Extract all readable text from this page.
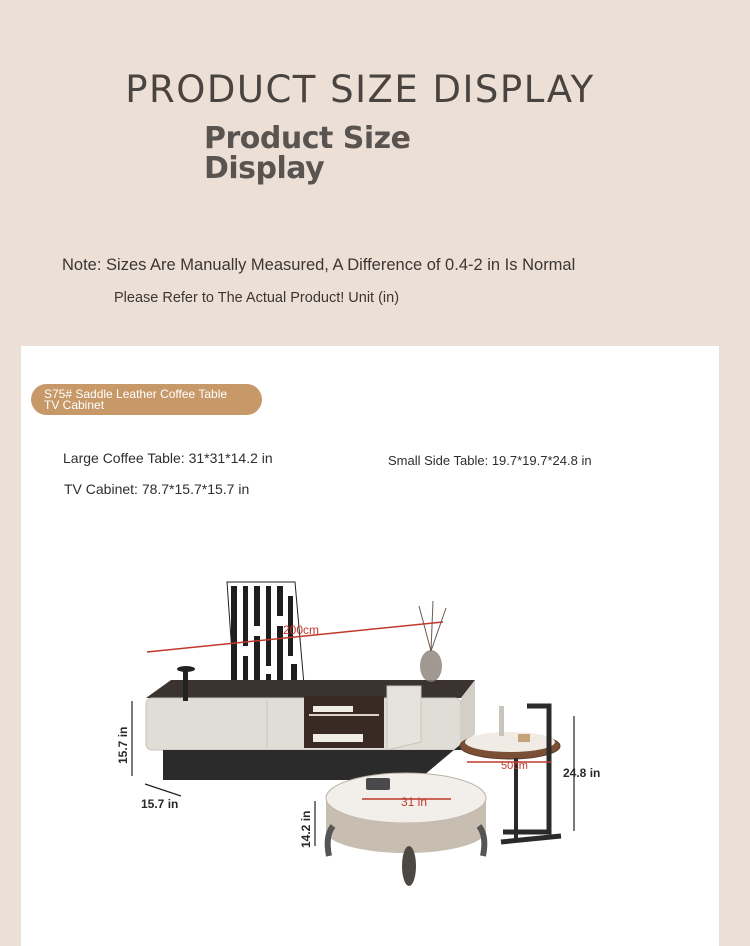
PRODUCT SIZE DISPLAY
Product Size
Display
Note: Sizes Are Manually Measured, A Difference of 0.4-2 in Is Normal
Please Refer to The Actual Product! Unit (in)
S75# Saddle Leather Coffee Table
TV Cabinet
Large Coffee Table: 31*31*14.2 in
TV Cabinet: 78.7*15.7*15.7 in
Small Side Table: 19.7*19.7*24.8 in
200cm
15.7 in
15.7 in	31 in
14.2 in
50cm	24.8 in
